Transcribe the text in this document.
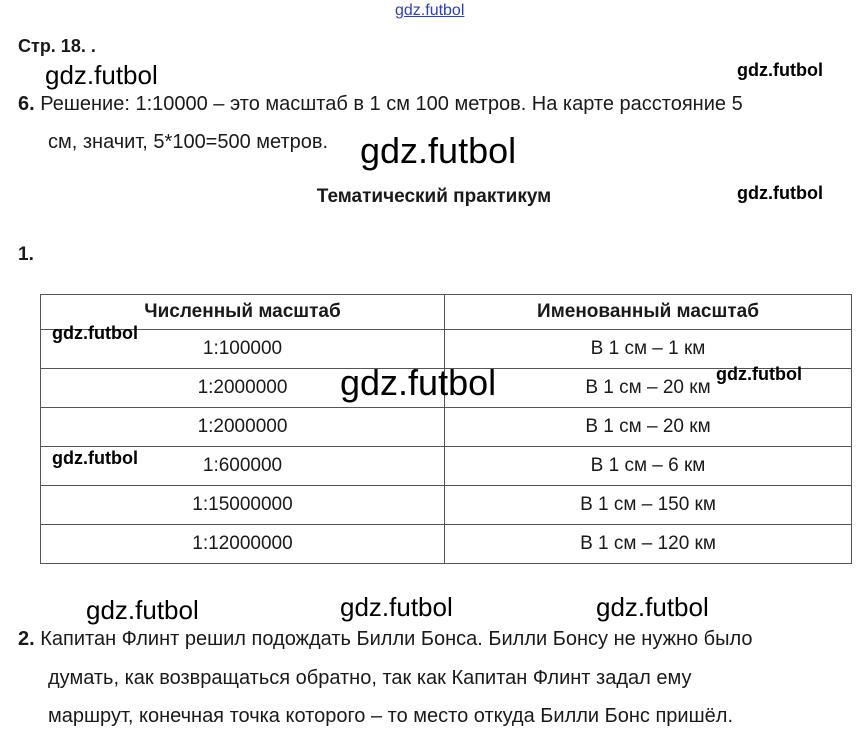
gdz.futbol
Стр. 18. .
gdz.futbol	gdz.futbol
gdz.futbol
gdz.futbol
6. Решение: 1:10000 – это масштаб в 1 см 100 метров. На карте расстояние 5
см, значит, 5*100=500 метров.
Тематический практикум
1.
Численный масштаб	Именованный масштаб
1:100000	В 1 см – 1 км
1:2000000	В 1 см – 20 км
1:2000000	В 1 см – 20 км
1:600000	В 1 см – 6 км
1:15000000	В 1 см – 150 км
1:12000000	В 1 см – 120 км
gdz.futbol
gdz.futbol	gdz.futbol
gdz.futbol
gdz.futbol	gdz.futbol	gdz.futbol
2. Капитан Флинт решил подождать Билли Бонса. Билли Бонсу не нужно было
думать, как возвращаться обратно, так как Капитан Флинт задал ему
маршрут, конечная точка которого – то место откуда Билли Бонс пришёл.
